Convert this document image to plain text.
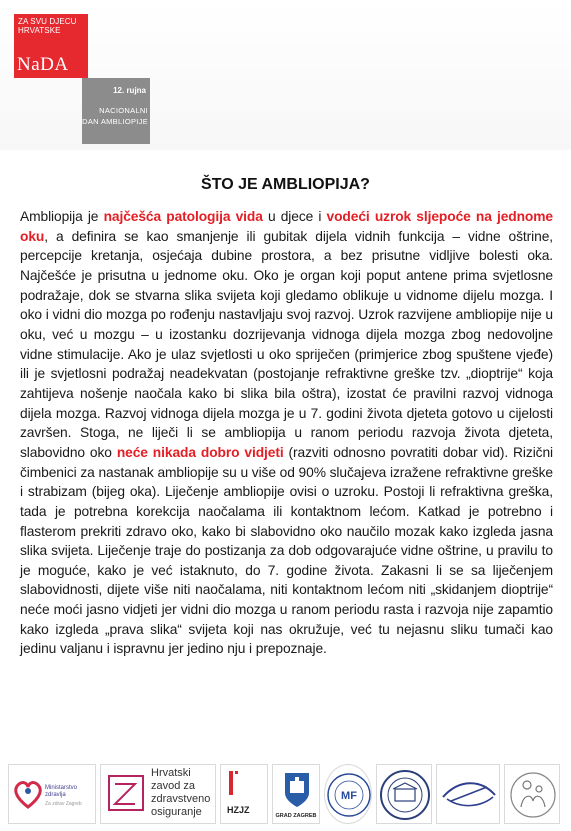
ZA SVU DJECU HRVATSKE
NaDA
12. rujna
NACIONALNI DAN AMBLIOPIJE
ŠTO JE AMBLIOPIJA?
Ambliopija je najčešća patologija vida u djece i vodeći uzrok sljepoće na jednome oku, a definira se kao smanjenje ili gubitak dijela vidnih funkcija – vidne oštrine, percepcije kretanja, osjećaja dubine prostora, a bez prisutne vidljive bolesti oka. Najčešće je prisutna u jednome oku. Oko je organ koji poput antene prima svjetlosne podražaje, dok se stvarna slika svijeta koji gledamo oblikuje u vidnome dijelu mozga. I oko i vidni dio mozga po rođenju nastavljaju svoj razvoj. Uzrok razvijene ambliopije nije u oku, već u mozgu – u izostanku dozrijevanja vidnoga dijela mozga zbog nedovoljne vidne stimulacije. Ako je ulaz svjetlosti u oko spriječen (primjerice zbog spuštene vjeđe) ili je svjetlosni podražaj neadekvatan (postojanje refraktivne greške tzv. „dioptrije“ koja zahtijeva nošenje naočala kako bi slika bila oštra), izostat će pravilni razvoj vidnoga dijela mozga. Razvoj vidnoga dijela mozga je u 7. godini života djeteta gotovo u cijelosti završen. Stoga, ne liječi li se ambliopija u ranom periodu razvoja života djeteta, slabovidno oko neće nikada dobro vidjeti (razviti odnosno povratiti dobar vid). Rizični čimbenici za nastanak ambliopije su u više od 90% slučajeva izražene refraktivne greške i strabizam (bijeg oka). Liječenje ambliopije ovisi o uzroku. Postoji li refraktivna greška, tada je potrebna korekcija naočalama ili kontaktnom lećom. Katkad je potrebno i flasterom prekriti zdravo oko, kako bi slabovidno oko naučilo mozak kako izgleda jasna slika svijeta. Liječenje traje do postizanja za dob odgovarajuće vidne oštrine, u pravilu to je moguće, kako je već istaknuto, do 7. godine života. Zakasni li se sa liječenjem slabovidnosti, dijete više niti naočalama, niti kontaktnom lećom niti „skidanjem dioptrije“ neće moći jasno vidjeti jer vidni dio mozga u ranom periodu rasta i razvoja nije zapamtio kako izgleda „prava slika“ svijeta koji nas okružuje, već tu nejasnu sliku tumači kao jedinu valjanu i ispravnu jer jedino nju i prepoznaje.
Ministarstvo zdravlja
Za zdrav Zagreb
Hrvatski zavod za zdravstveno osiguranje	HZJZ
GRAD ZAGREB
MF
